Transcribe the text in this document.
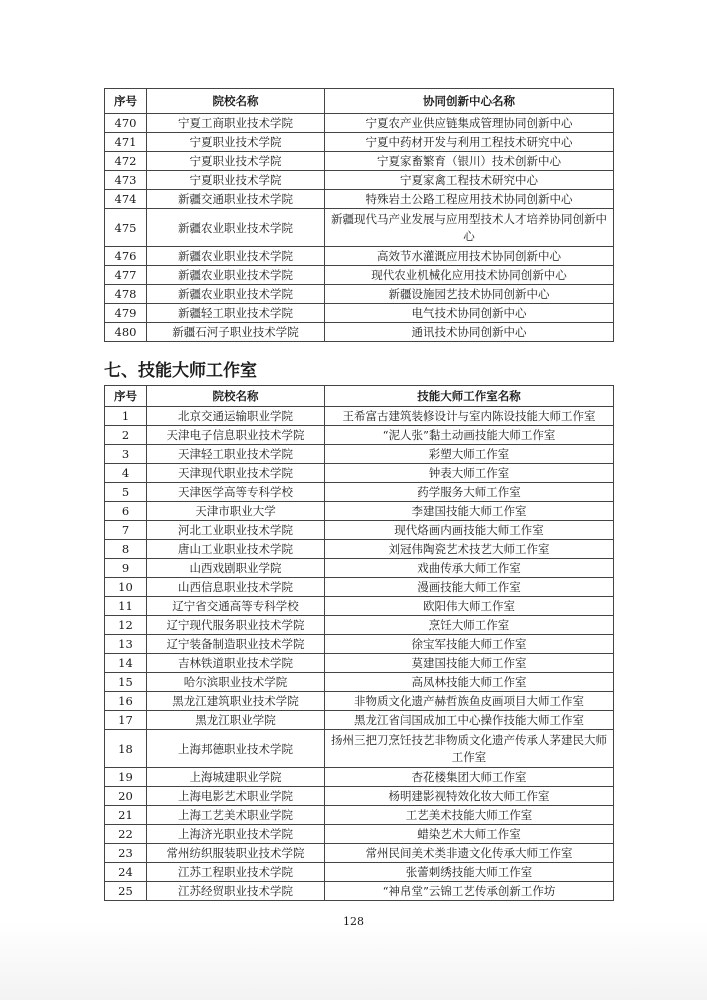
序号	院校名称	协同创新中心名称
470	宁夏工商职业技术学院	宁夏农产业供应链集成管理协同创新中心
471	宁夏职业技术学院	宁夏中药材开发与利用工程技术研究中心
472	宁夏职业技术学院	宁夏家畜繁育（银川）技术创新中心
473	宁夏职业技术学院	宁夏家禽工程技术研究中心
474	新疆交通职业技术学院	特殊岩土公路工程应用技术协同创新中心
475	新疆农业职业技术学院	新疆现代马产业发展与应用型技术人才培养协同创新中心
476	新疆农业职业技术学院	高效节水灌溉应用技术协同创新中心
477	新疆农业职业技术学院	现代农业机械化应用技术协同创新中心
478	新疆农业职业技术学院	新疆设施园艺技术协同创新中心
479	新疆轻工职业技术学院	电气技术协同创新中心
480	新疆石河子职业技术学院	通讯技术协同创新中心
七、技能大师工作室
序号	院校名称	技能大师工作室名称
1	北京交通运输职业学院	王希富古建筑装修设计与室内陈设技能大师工作室
2	天津电子信息职业技术学院	“泥人张”黏土动画技能大师工作室
3	天津轻工职业技术学院	彩塑大师工作室
4	天津现代职业技术学院	钟表大师工作室
5	天津医学高等专科学校	药学服务大师工作室
6	天津市职业大学	李建国技能大师工作室
7	河北工业职业技术学院	现代烙画内画技能大师工作室
8	唐山工业职业技术学院	刘冠伟陶瓷艺术技艺大师工作室
9	山西戏剧职业学院	戏曲传承大师工作室
10	山西信息职业技术学院	漫画技能大师工作室
11	辽宁省交通高等专科学校	欧阳伟大师工作室
12	辽宁现代服务职业技术学院	烹饪大师工作室
13	辽宁装备制造职业技术学院	徐宝军技能大师工作室
14	吉林铁道职业技术学院	莫建国技能大师工作室
15	哈尔滨职业技术学院	高凤林技能大师工作室
16	黑龙江建筑职业技术学院	非物质文化遗产赫哲族鱼皮画项目大师工作室
17	黑龙江职业学院	黑龙江省闫国成加工中心操作技能大师工作室
18	上海邦德职业技术学院	扬州三把刀烹饪技艺非物质文化遗产传承人茅建民大师工作室
19	上海城建职业学院	杏花楼集团大师工作室
20	上海电影艺术职业学院	杨明建影视特效化妆大师工作室
21	上海工艺美术职业学院	工艺美术技能大师工作室
22	上海济光职业技术学院	蜡染艺术大师工作室
23	常州纺织服装职业技术学院	常州民间美术类非遗文化传承大师工作室
24	江苏工程职业技术学院	张蕾刺绣技能大师工作室
25	江苏经贸职业技术学院	“神帛堂”云锦工艺传承创新工作坊
128
